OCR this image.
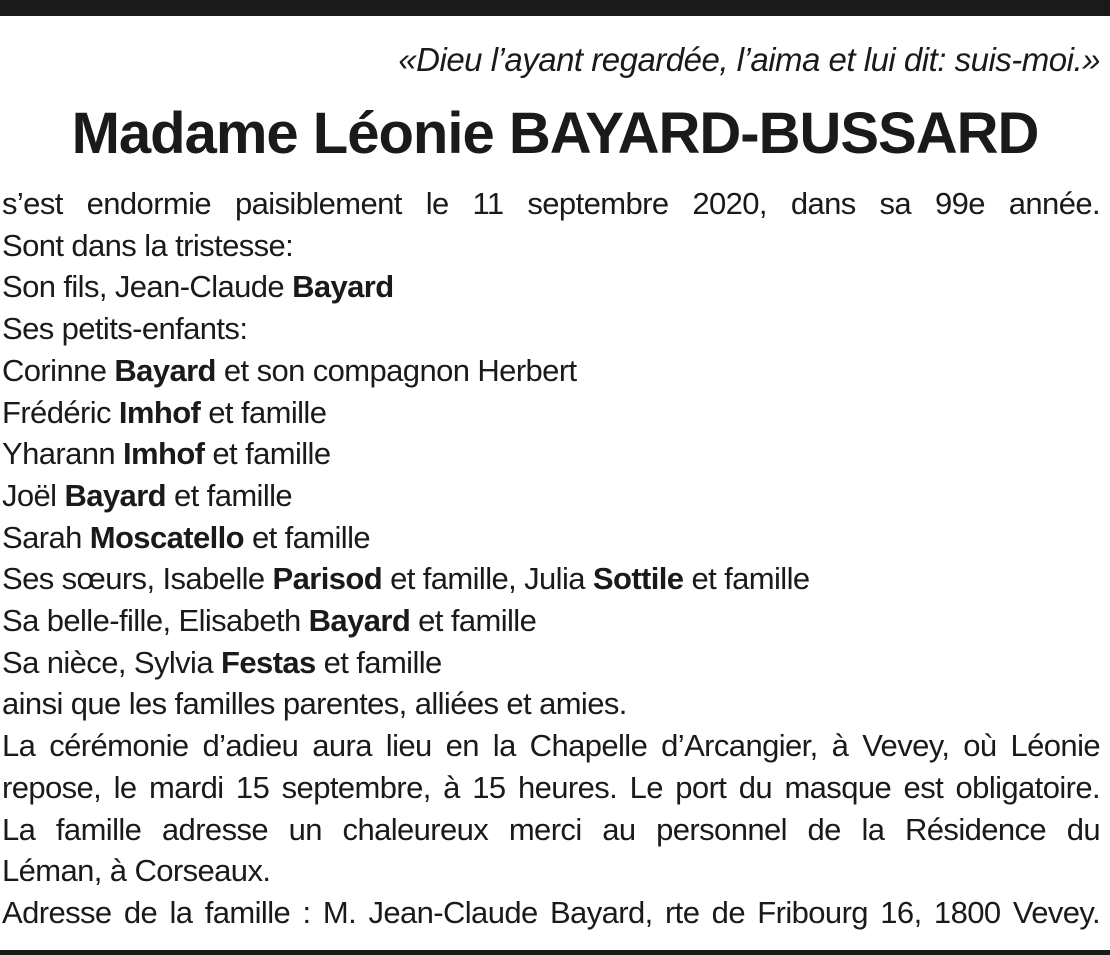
«Dieu l’ayant regardée, l’aima et lui dit: suis-moi.»
Madame Léonie BAYARD-BUSSARD
s’est endormie paisiblement le 11 septembre 2020, dans sa 99e année.
Sont dans la tristesse:
Son fils, Jean-Claude Bayard
Ses petits-enfants:
Corinne Bayard et son compagnon Herbert
Frédéric Imhof et famille
Yharann Imhof et famille
Joël Bayard et famille
Sarah Moscatello et famille
Ses sœurs, Isabelle Parisod et famille, Julia Sottile et famille
Sa belle-fille, Elisabeth Bayard et famille
Sa nièce, Sylvia Festas et famille
ainsi que les familles parentes, alliées et amies.
La cérémonie d’adieu aura lieu en la Chapelle d’Arcangier, à Vevey, où Léonie
repose, le mardi 15 septembre, à 15 heures. Le port du masque est obligatoire.
La famille adresse un chaleureux merci au personnel de la Résidence du
Léman, à Corseaux.
Adresse de la famille : M. Jean-Claude Bayard, rte de Fribourg 16, 1800 Vevey.
